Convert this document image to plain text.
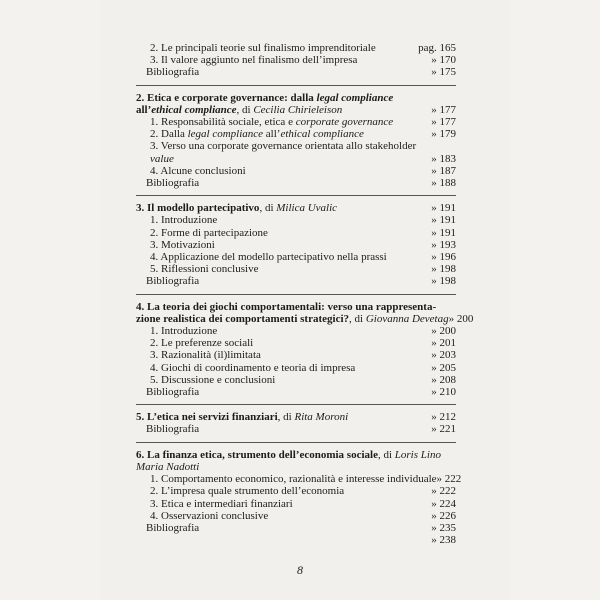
2. Le principali teorie sul finalismo imprenditoriale	pag. 165
3. Il valore aggiunto nel finalismo dell’impresa	» 170
Bibliografia	» 175
2. Etica e corporate governance: dalla legal compliance
all’ethical compliance, di Cecilia Chirieleison	» 177
1. Responsabilità sociale, etica e corporate governance	» 177
2. Dalla legal compliance all’ethical compliance	» 179
3. Verso una corporate governance orientata allo stakeholder
value	» 183
4. Alcune conclusioni	» 187
Bibliografia	» 188
3. Il modello partecipativo, di Milica Uvalic	» 191
1. Introduzione	» 191
2. Forme di partecipazione	» 191
3. Motivazioni	» 193
4. Applicazione del modello partecipativo nella prassi	» 196
5. Riflessioni conclusive	» 198
Bibliografia	» 198
4. La teoria dei giochi comportamentali: verso una rappresenta-
zione realistica dei comportamenti strategici?, di Giovanna Devetag » 200
1. Introduzione	» 200
2. Le preferenze sociali	» 201
3. Razionalità (il)limitata	» 203
4. Giochi di coordinamento e teoria di impresa	» 205
5. Discussione e conclusioni	» 208
Bibliografia	» 210
5. L’etica nei servizi finanziari, di Rita Moroni	» 212
Bibliografia	» 221
6. La finanza etica, strumento dell’economia sociale, di Loris Lino
Maria Nadotti
1. Comportamento economico, razionalità e interesse individuale » 222
2. L’impresa quale strumento dell’economia	» 222
3. Etica e intermediari finanziari	» 224
4. Osservazioni conclusive	» 226
Bibliografia	» 235
» 238
8
